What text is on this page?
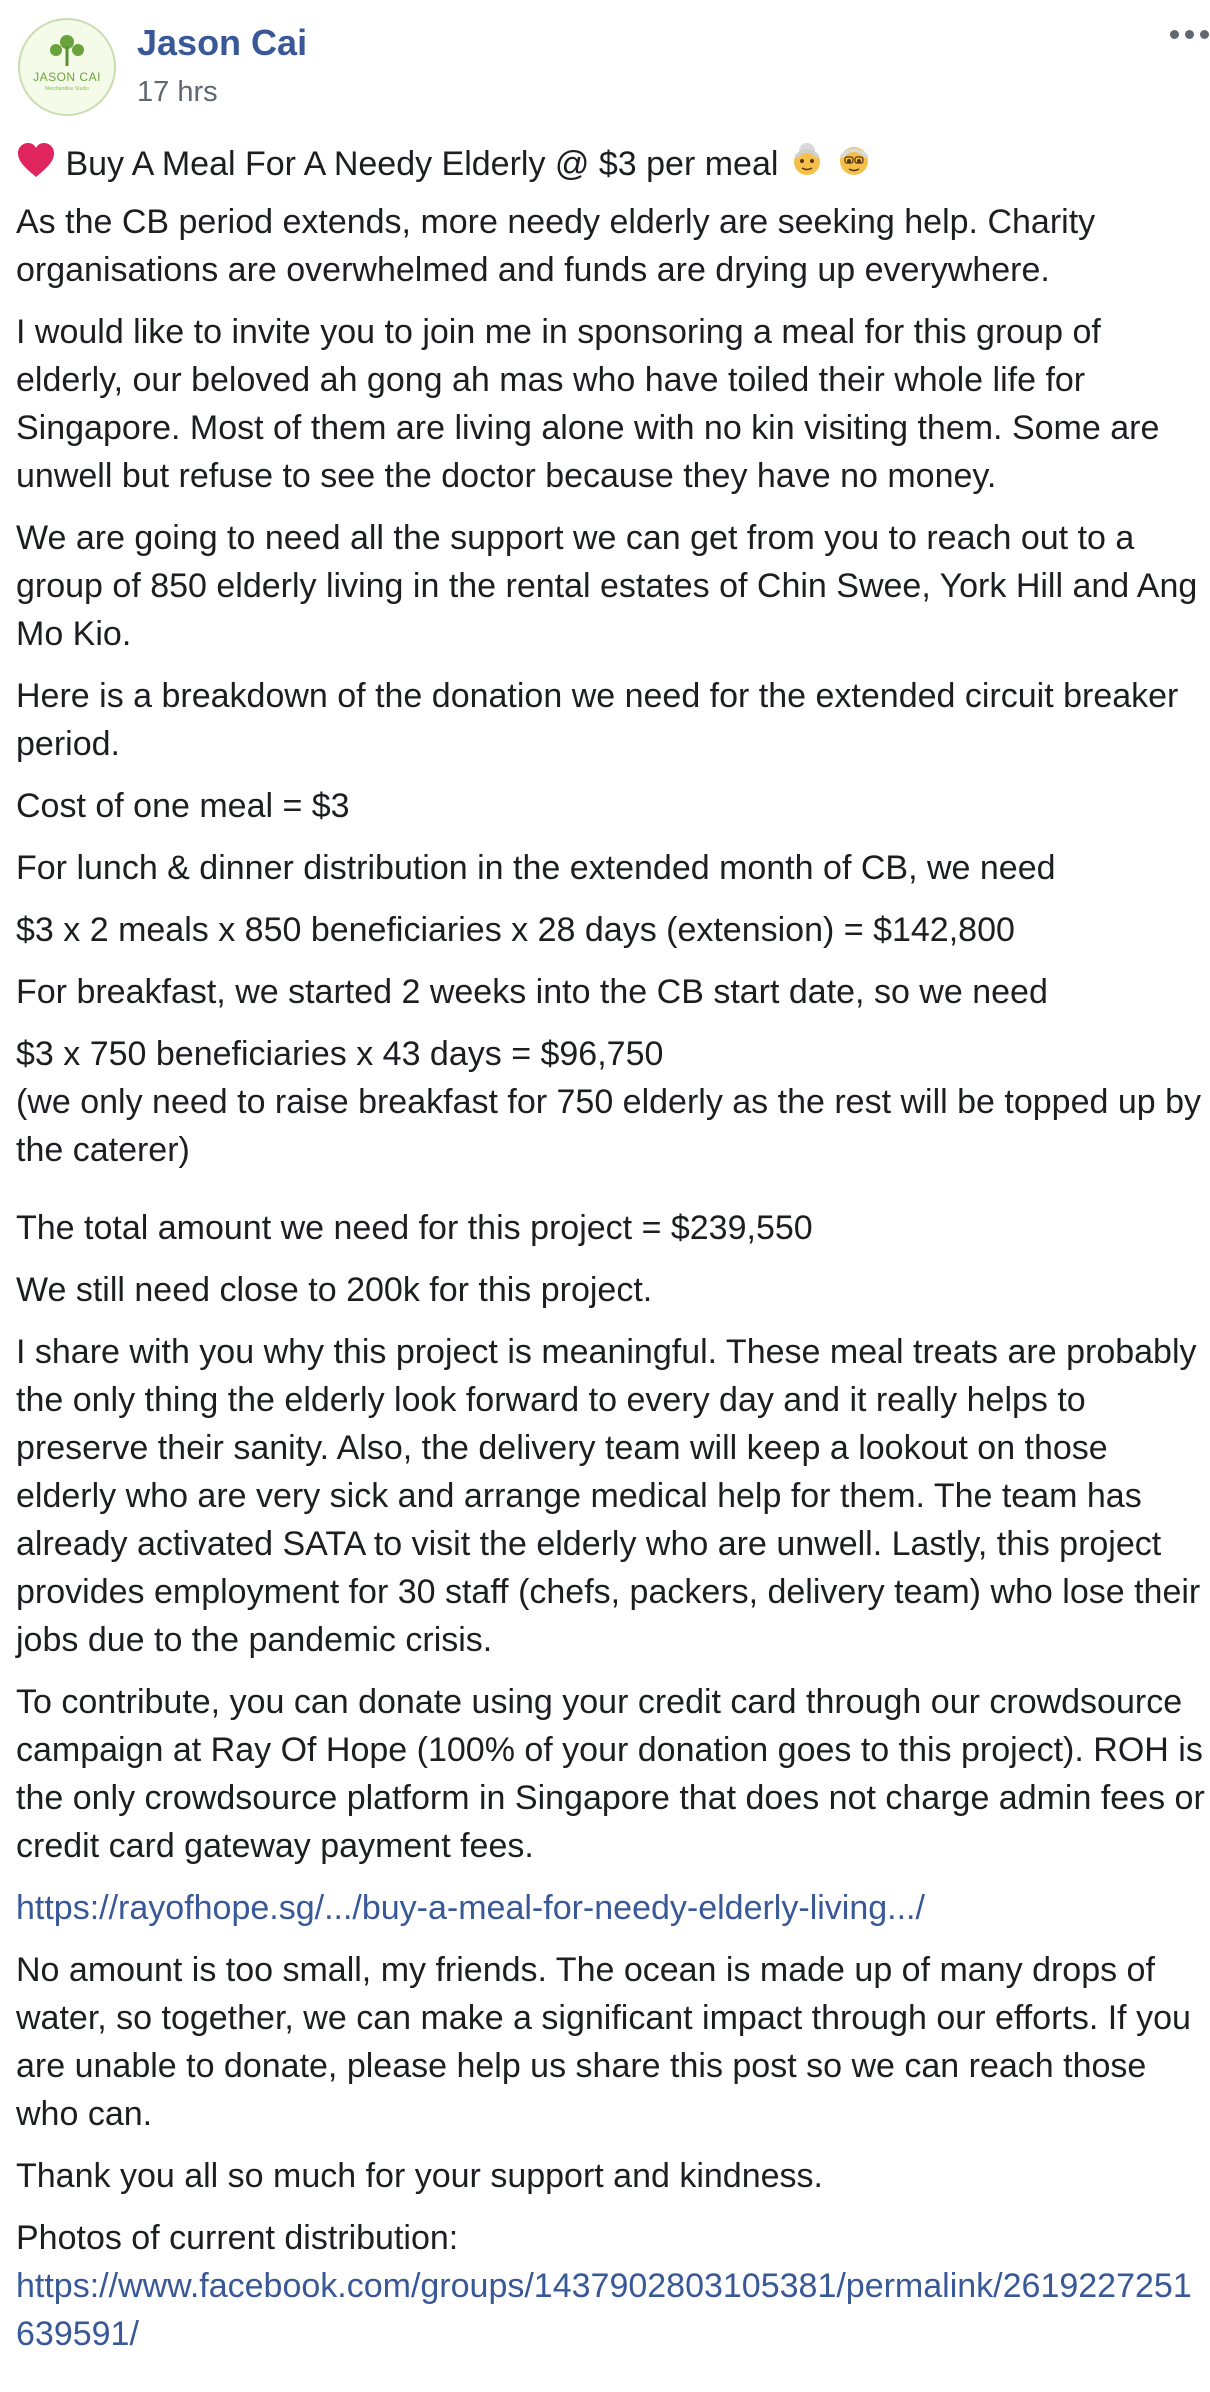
JASON CAI
Merchandise Studio
Jason Cai
17 hrs
Buy A Meal For A Needy Elderly @ $3 per meal

As the CB period extends, more needy elderly are seeking help. Charity organisations are overwhelmed and funds are drying up everywhere.

I would like to invite you to join me in sponsoring a meal for this group of elderly, our beloved ah gong ah mas who have toiled their whole life for Singapore. Most of them are living alone with no kin visiting them. Some are unwell but refuse to see the doctor because they have no money.

We are going to need all the support we can get from you to reach out to a group of 850 elderly living in the rental estates of Chin Swee, York Hill and Ang Mo Kio.

Here is a breakdown of the donation we need for the extended circuit breaker period.

Cost of one meal = $3

For lunch & dinner distribution in the extended month of CB, we need

$3 x 2 meals x 850 beneficiaries x 28 days (extension) = $142,800

For breakfast, we started 2 weeks into the CB start date, so we need

$3 x 750 beneficiaries x 43 days = $96,750
(we only need to raise breakfast for 750 elderly as the rest will be topped up by the caterer)

The total amount we need for this project = $239,550

We still need close to 200k for this project.

I share with you why this project is meaningful. These meal treats are probably the only thing the elderly look forward to every day and it really helps to preserve their sanity. Also, the delivery team will keep a lookout on those elderly who are very sick and arrange medical help for them. The team has already activated SATA to visit the elderly who are unwell. Lastly, this project provides employment for 30 staff (chefs, packers, delivery team) who lose their jobs due to the pandemic crisis.

To contribute, you can donate using your credit card through our crowdsource campaign at Ray Of Hope (100% of your donation goes to this project). ROH is the only crowdsource platform in Singapore that does not charge admin fees or credit card gateway payment fees.

https://rayofhope.sg/.../buy-a-meal-for-needy-elderly-living.../

No amount is too small, my friends. The ocean is made up of many drops of water, so together, we can make a significant impact through our efforts. If you are unable to donate, please help us share this post so we can reach those who can.

Thank you all so much for your support and kindness.

Photos of current distribution:
https://www.facebook.com/groups/1437902803105381/permalink/2619227251639591/
